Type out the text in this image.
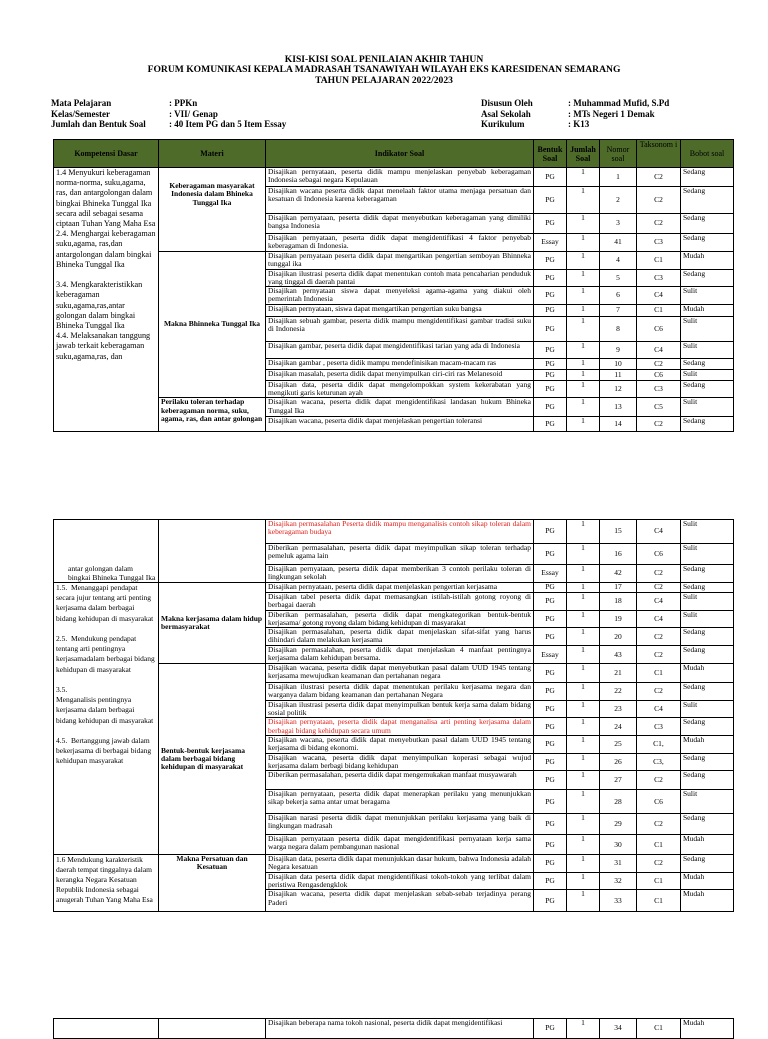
KISI-KISI SOAL PENILAIAN AKHIR TAHUN
FORUM KOMUNIKASI KEPALA MADRASAH TSANAWIYAH WILAYAH EKS KARESIDENAN SEMARANG
TAHUN PELAJARAN 2022/2023
Mata Pelajaran	: PPKn
Kelas/Semester	: VII/ Genap
Jumlah dan Bentuk Soal	: 40 Item PG dan 5 Item Essay
Disusun Oleh	: Muhammad Mufid, S.Pd
Asal Sekolah	: MTs Negeri 1 Demak
Kurikulum	: K13
Kompetensi Dasar	Materi	Indikator Soal	Bentuk Soal	Jumlah Soal	Nomor soal	Taksonom i	Bobot soal
1.4 Menyukuri keberagaman norma-norma, suku,agama, ras, dan antargolongan dalam bingkai Bhineka Tunggal Ika secara adil sebagai sesama ciptaan Tuhan Yang Maha Esa
2.4. Menghargai keberagaman suku,agama, ras,dan antargolongan dalam bingkai Bhineka Tunggal Ika

3.4. Mengkarakteristikkan keberagaman suku,agama,ras,antar golongan dalam bingkai Bhineka Tunggal Ika
4.4. Melaksanakan tanggung jawab terkait keberagaman suku,agama,ras, dan	Keberagaman masyarakat Indonesia dalam Bhineka Tunggal Ika	Disajikan pernyataan, peserta didik mampu menjelaskan penyebab keberagaman Indonesia sebagai negara Kepulauan	PG	1	1	C2	Sedang
		Disajikan wacana peserta didik dapat menelaah faktor utama menjaga persatuan dan kesatuan di Indonesia karena keberagaman	PG	1	2	C2	Sedang
		Disajikan pernyataan, peserta didik dapat menyebutkan keberagaman yang dimiliki bangsa Indonesia	PG	1	3	C2	Sedang
		Disajikan pernyataan, peserta didik dapat mengidentifikasi 4 faktor penyebab keberagaman di Indonesia.	Essay	1	41	C3	Sedang
	Makna Bhinneka Tunggal Ika	Disajikan pernyataan peserta didik dapat mengartikan pengertian semboyan Bhinneka tunggal ika	PG	1	4	C1	Mudah
		Disajikan ilustrasi peserta didik dapat menentukan contoh mata pencaharian penduduk yang tinggal di daerah pantai	PG	1	5	C3	Sedang
		Disajikan pernyataan siswa dapat menyeleksi agama-agama yang diakui oleh pemerintah Indonesia	PG	1	6	C4	Sulit
		Disajikan pernyataan, siswa dapat mengartikan pengertian suku bangsa	PG	1	7	C1	Mudah
		Disajikan sebuah gambar, peserta didik mampu mengidentifikasi gambar tradisi suku di Indonesia	PG	1	8	C6	Sulit
		Disajikan gambar, peserta didik dapat mengidentifikasi tarian yang ada di Indonesia	PG	1	9	C4	Sulit
		Disajikan gambar , peserta didik mampu mendefinisikan macam-macam ras	PG	1	10	C2	Sedang
		Disajikan masalah, peserta didik dapat menyimpulkan ciri-ciri ras Melanesoid	PG	1	11	C6	Sulit
		Disajikan data, peserta didik dapat mengelompokkan system kekerabatan yang mengikuti garis keturunan ayah	PG	1	12	C3	Sedang
	Perilaku toleran terhadap keberagaman norma, suku, agama, ras, dan antar golongan	Disajikan wacana, peserta didik dapat mengidentifikasi landasan hukum Bhineka Tunggal Ika	PG	1	13	C5	Sulit
		Disajikan wacana, peserta didik dapat menjelaskan pengertian toleransi	PG	1	14	C2	Sedang
antar golongan dalam bingkai Bhineka Tunggal Ika		Disajikan permasalahan Peserta didik mampu menganalisis contoh sikap toleran dalam keberagaman budaya	PG	1	15	C4	Sulit
		Diberikan permasalahan, peserta didik dapat meyimpulkan sikap toleran terhadap pemeluk agama lain	PG	1	16	C6	Sulit
		Disajikan pernyataan, peserta didik dapat memberikan 3 contoh perilaku toleran di lingkungan sekolah	Essay	1	42	C2	Sedang
1.5.  Menanggapi pendapat secara jujur tentang arti penting kerjasama dalam berbagai bidang kehidupan di masyarakat

2.5.  Mendukung pendapat tentang arti pentingnya kerjasamadalam berbagai bidang kehidupan di masyarakat

3.5.
Menganalisis pentingnya kerjasama dalam berbagai bidang kehidupan di masyarakat

4.5.  Bertanggung jawab dalam bekerjasama di berbagai bidang kehidupan masyarakat	Makna kerjasama dalam hidup bermasyarakat	Disajikan pernyataan, peserta didik dapat menjelaskan pengertian kerjasama	PG	1	17	C2	Sedang
		Disajikan tabel peserta didik dapat memasangkan istilah-istilah gotong royong di berbagai daerah	PG	1	18	C4	Sulit
		Diberikan permasalahan, peserta didik dapat mengkategorikan bentuk-bentuk kerjasama/ gotong royong dalam bidang kehidupan di masyarakat	PG	1	19	C4	Sulit
		Disajikan permasalahan, peserta didik dapat menjelaskan sifat-sifat yang harus dihindari dalam melakukan kerjasama	PG	1	20	C2	Sedang
		Disajikan permasalahan, peserta didik dapat menjelaskan 4 manfaat pentingnya kerjasama dalam kehidupan bersama.	Essay	1	43	C2	Sedang
	Bentuk-bentuk kerjasama dalam berbagai bidang kehidupan di masyarakat	Disajikan wacana, peserta didik dapat menyebutkan pasal dalam UUD 1945 tentang kerjasama mewujudkan keamanan dan pertahanan negara	PG	1	21	C1	Mudah
		Disajikan ilustrasi peserta didik dapat menentukan perilaku kerjasama negara dan warganya dalam bidang keamanan dan pertahanan Negara	PG	1	22	C2	Sedang
		Disajikan ilustrasi peserta didik dapat menyimpulkan bentuk kerja sama dalam bidang sosial politik	PG	1	23	C4	Sulit
		Disajikan pernyataan, peserta didik dapat menganalisa arti penting kerjasama dalam berbagai bidang kehidupan secara umum	PG	1	24	C3	Sedang
		Disajikan wacana, peserta didik dapat menyebutkan pasal dalam UUD 1945 tentang kerjasama di bidang ekonomi.	PG	1	25	C1,	Mudah
		Disajikan wacana, peserta didik dapat menyimpulkan koperasi sebagai wujud kerjasama dalam berbagi bidang kehidupan	PG	1	26	C3,	Sedang
		Diberikan permasalahan, peserta didik dapat mengemukakan manfaat musyawarah	PG	1	27	C2	Sedang
		Disajikan pernyataan, peserta didik dapat menerapkan perilaku yang menunjukkan sikap bekerja sama antar umat beragama	PG	1	28	C6	Sulit
		Disajikan narasi peserta didik dapat menunjukkan perilaku kerjasama yang baik di lingkungan madrasah	PG	1	29	C2	Sedang
		Disajikan pernyataan peserta didik dapat mengidentifikasi pernyataan kerja sama warga negara dalam pembangunan nasional	PG	1	30	C1	Mudah
1.6 Mendukung karakteristik daerah tempat tinggalnya dalam kerangka Negara Kesatuan Republik Indonesia sebagai anugerah Tuhan Yang Maha Esa	Makna Persatuan dan Kesatuan	Disajikan data, peserta didik dapat menunjukkan dasar hukum, bahwa Indonesia adalah Negara kesatuan	PG	1	31	C2	Sedang
		Disajikan data peserta didik dapat mengidentifikasi tokoh-tokoh yang terlibat dalam peristiwa Rengasdengklok	PG	1	32	C1	Mudah
		Disajikan wacana, peserta didik dapat menjelaskan sebab-sebab terjadinya perang Paderi	PG	1	33	C1	Mudah
		Disajikan beberapa nama tokoh nasional, peserta didik dapat mengidentifikasi	PG	1	34	C1	Mudah
